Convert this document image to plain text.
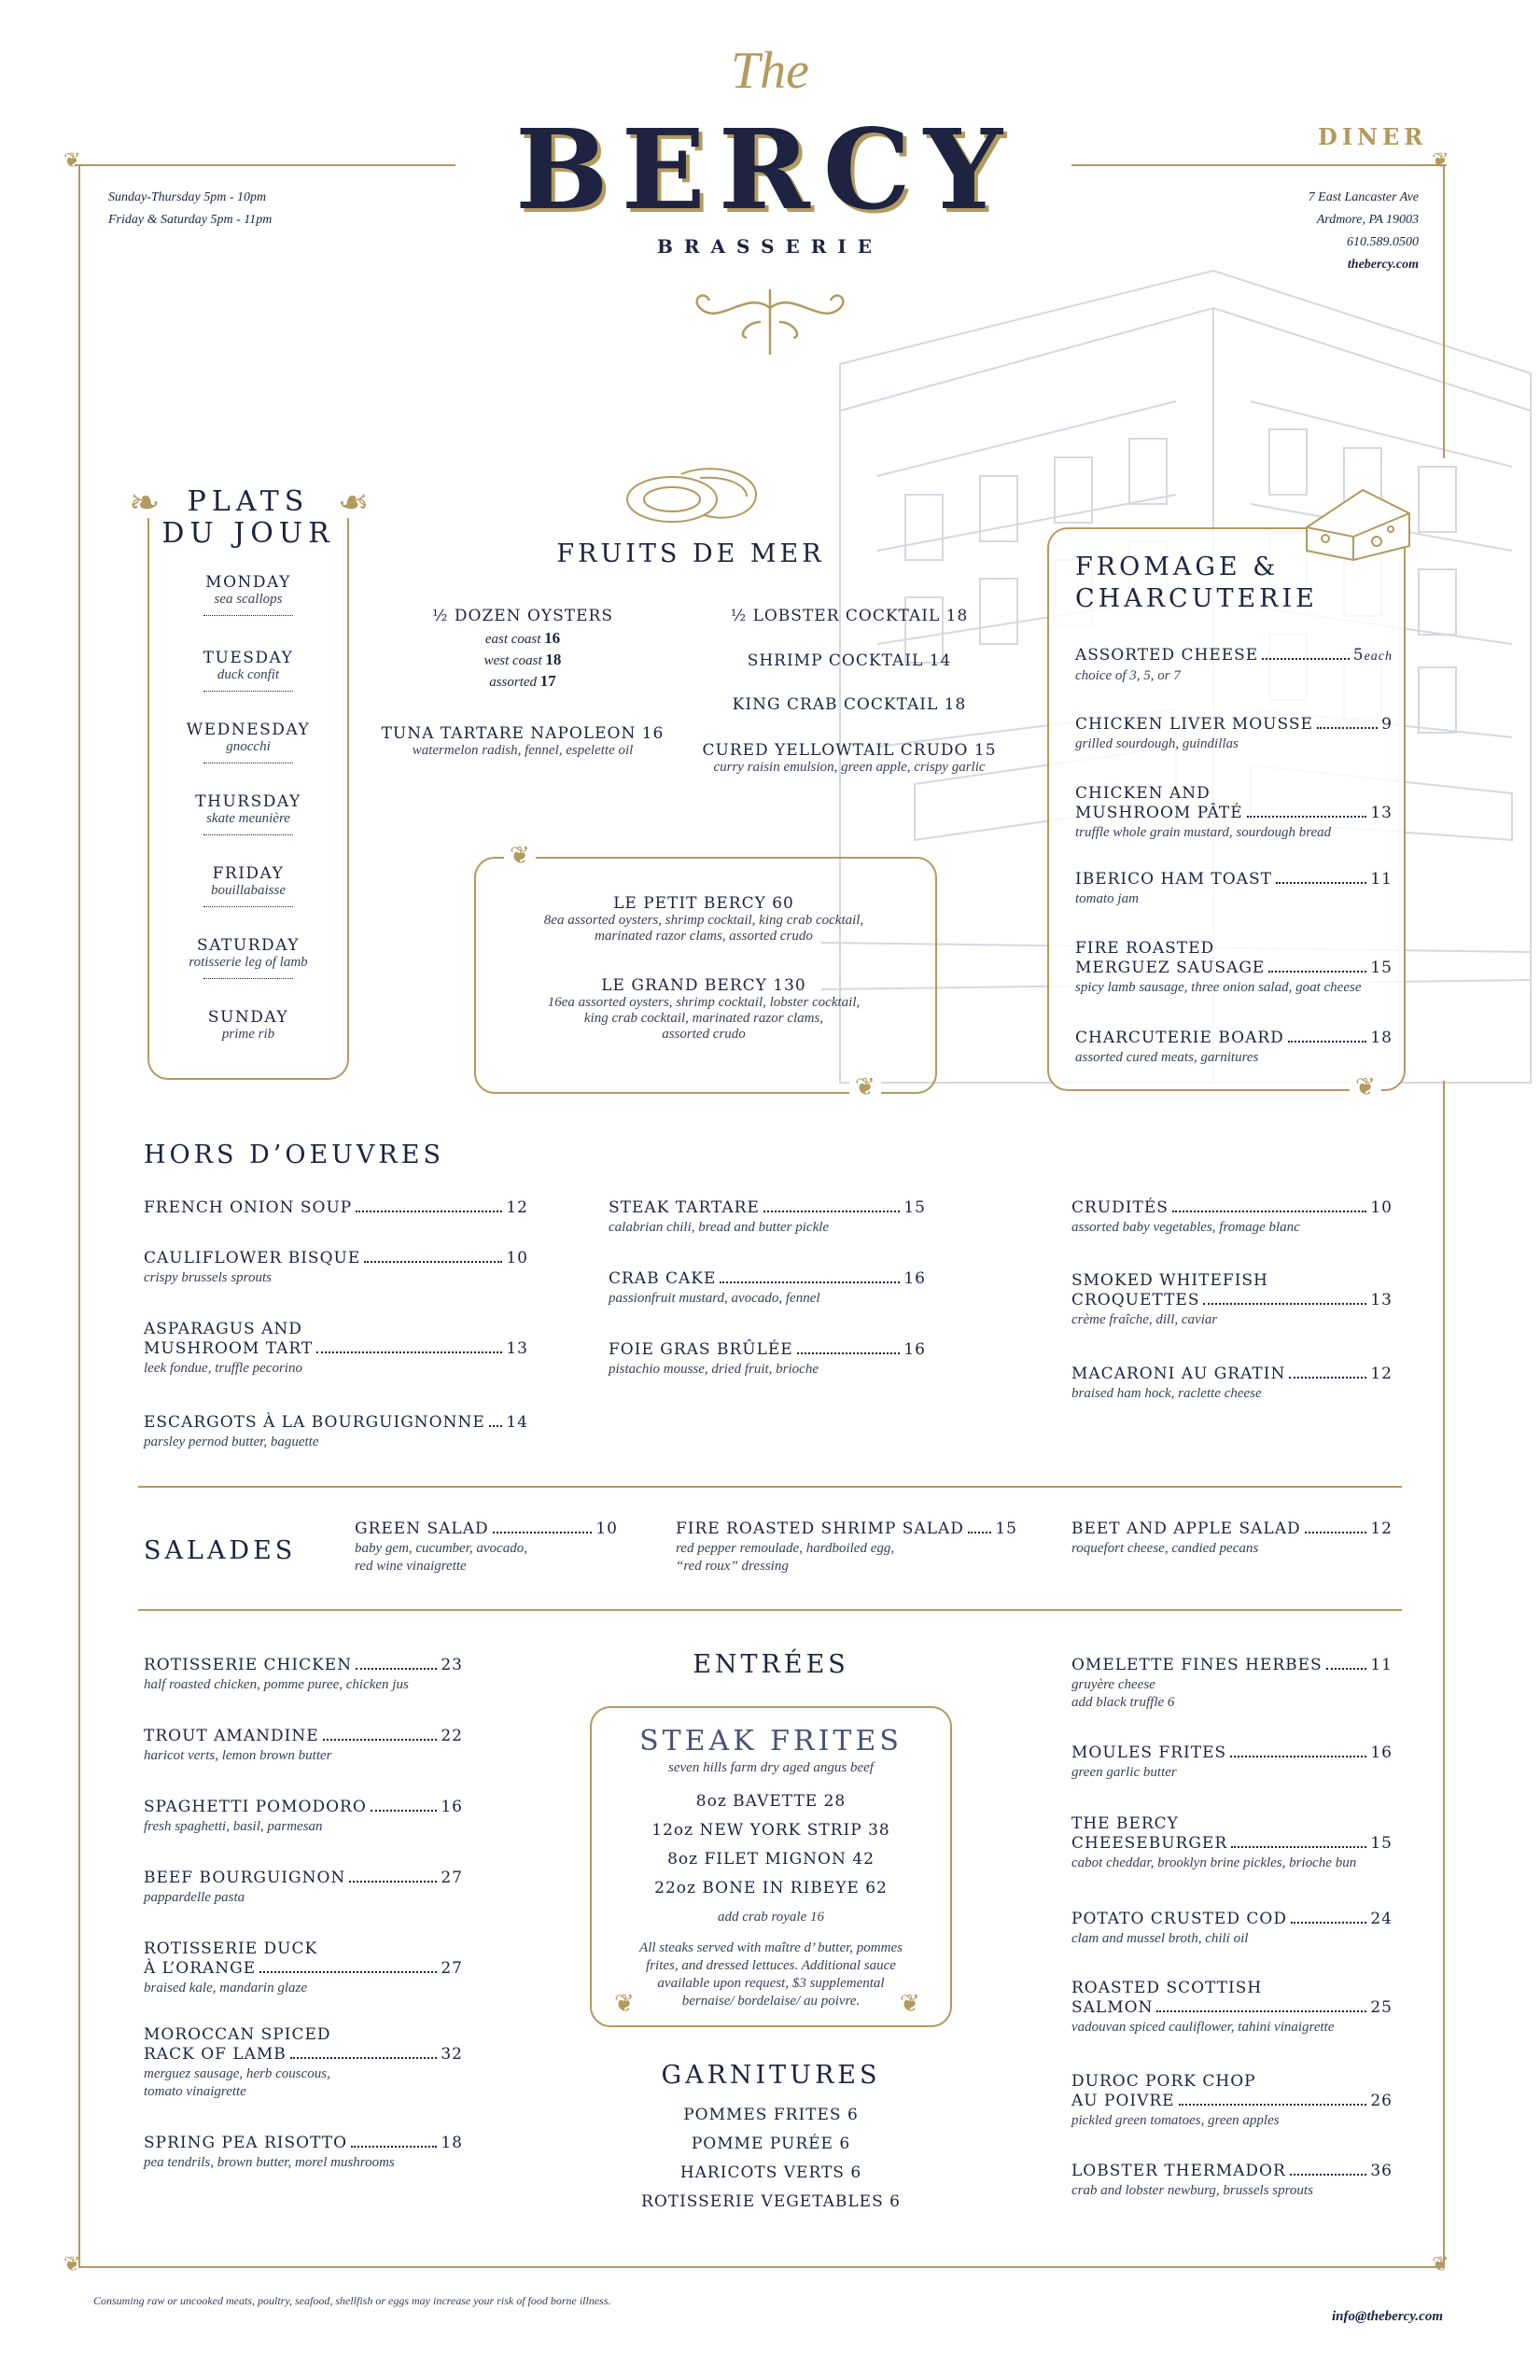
❦	❦
❦	❦
The
BERCY
BRASSERIE
DINER
Sunday-Thursday 5pm - 10pm
Friday & Saturday 5pm - 11pm
7 East Lancaster Ave
Ardmore, PA 19003
610.589.0500
thebercy.com
❧	❧
PLATS
DU JOUR
MONDAY
sea scallops
TUESDAY
duck confit
WEDNESDAY
gnocchi
THURSDAY
skate meunière
FRIDAY
bouillabaisse
SATURDAY
rotisserie leg of lamb
SUNDAY
prime rib
FRUITS DE MER
½ DOZEN OYSTERS
east coast 16
west coast 18
assorted 17
TUNA TARTARE NAPOLEON 16
watermelon radish, fennel, espelette oil
½ LOBSTER COCKTAIL 18
SHRIMP COCKTAIL 14
KING CRAB COCKTAIL 18
CURED YELLOWTAIL CRUDO 15
curry raisin emulsion, green apple, crispy garlic
❦
❦
LE PETIT BERCY 60
8ea assorted oysters, shrimp cocktail, king crab cocktail,
marinated razor clams, assorted crudo
LE GRAND BERCY 130
16ea assorted oysters, shrimp cocktail, lobster cocktail,
king crab cocktail, marinated razor clams,
assorted crudo
FROMAGE &
CHARCUTERIE
❦
ASSORTED CHEESE	5 each
choice of 3, 5, or 7
CHICKEN LIVER MOUSSE	9
grilled sourdough, guindillas
CHICKEN AND
MUSHROOM PÂTÉ	13
truffle whole grain mustard, sourdough bread
IBERICO HAM TOAST	11
tomato jam
FIRE ROASTED
MERGUEZ SAUSAGE	15
spicy lamb sausage, three onion salad, goat cheese
CHARCUTERIE BOARD	18
assorted cured meats, garnitures
HORS D’OEUVRES
FRENCH ONION SOUP	12
CAULIFLOWER BISQUE	10
crispy brussels sprouts
ASPARAGUS AND
MUSHROOM TART	13
leek fondue, truffle pecorino
ESCARGOTS À LA BOURGUIGNONNE 14
parsley pernod butter, baguette
STEAK TARTARE	15
calabrian chili, bread and butter pickle
CRAB CAKE	16
passionfruit mustard, avocado, fennel
FOIE GRAS BRÛLÉE	16
pistachio mousse, dried fruit, brioche
CRUDITÉS	10
assorted baby vegetables, fromage blanc
SMOKED WHITEFISH
CROQUETTES	13
crème fraîche, dill, caviar
MACARONI AU GRATIN	12
braised ham hock, raclette cheese
SALADES
GREEN SALAD	10
baby gem, cucumber, avocado,
red wine vinaigrette
FIRE ROASTED SHRIMP SALAD 15
red pepper remoulade, hardboiled egg,
“red roux” dressing
BEET AND APPLE SALAD	12
roquefort cheese, candied pecans
ROTISSERIE CHICKEN	23
half roasted chicken, pomme puree, chicken jus
TROUT AMANDINE	22
haricot verts, lemon brown butter
SPAGHETTI POMODORO	16
fresh spaghetti, basil, parmesan
BEEF BOURGUIGNON	27
pappardelle pasta
ROTISSERIE DUCK
À L’ORANGE	27
braised kale, mandarin glaze
MOROCCAN SPICED
RACK OF LAMB	32
merguez sausage, herb couscous,
tomato vinaigrette
SPRING PEA RISOTTO	18
pea tendrils, brown butter, morel mushrooms
ENTRÉES
❦	❦
STEAK FRITES
seven hills farm dry aged angus beef
8oz BAVETTE 28
12oz NEW YORK STRIP 38
8oz FILET MIGNON 42
22oz BONE IN RIBEYE 62
add crab royale 16
All steaks served with maître d’ butter, pommes
frites, and dressed lettuces. Additional sauce
available upon request, $3 supplemental
bernaise/ bordelaise/ au poivre.
GARNITURES
POMMES FRITES 6
POMME PURÉE 6
HARICOTS VERTS 6
ROTISSERIE VEGETABLES 6
OMELETTE FINES HERBES	11
gruyère cheese
add black truffle 6
MOULES FRITES	16
green garlic butter
THE BERCY
CHEESEBURGER	15
cabot cheddar, brooklyn brine pickles, brioche bun
POTATO CRUSTED COD	24
clam and mussel broth, chili oil
ROASTED SCOTTISH
SALMON	25
vadouvan spiced cauliflower, tahini vinaigrette
DUROC PORK CHOP
AU POIVRE	26
pickled green tomatoes, green apples
LOBSTER THERMADOR	36
crab and lobster newburg, brussels sprouts
Consuming raw or uncooked meats, poultry, seafood, shellfish or eggs may increase your risk of food borne illness.
info@thebercy.com
